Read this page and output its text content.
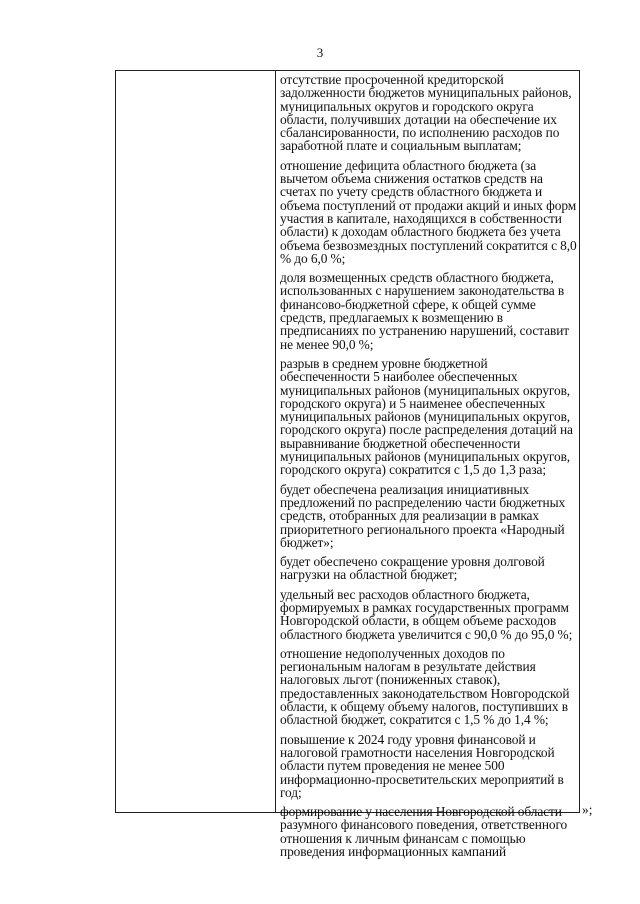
3

отсутствие просроченной кредиторской задолженности бюджетов муниципальных районов, муниципальных округов и городского округа области, получивших дотации на обеспечение их сбалансированности, по исполнению расходов по заработной плате и социальным выплатам;

отношение дефицита областного бюджета (за вычетом объема снижения остатков средств на счетах по учету средств областного бюджета и объема поступлений от продажи акций и иных форм участия в капитале, находящихся в собственности области) к доходам областного бюджета без учета объема безвозмездных поступлений сократится с 8,0 % до 6,0 %;

доля возмещенных средств областного бюджета, использованных с нарушением законодательства в финансово-бюджетной сфере, к общей сумме средств, предлагаемых к возмещению в предписаниях по устранению нарушений, составит не менее 90,0 %;

разрыв в среднем уровне бюджетной обеспеченности 5 наиболее обеспеченных муниципальных районов (муниципальных округов, городского округа) и 5 наименее обеспеченных муниципальных районов (муниципальных округов, городского округа) после распределения дотаций на выравнивание бюджетной обеспеченности муниципальных районов (муниципальных округов, городского округа) сократится с 1,5 до 1,3 раза;

будет обеспечена реализация инициативных предложений по распределению части бюджетных средств, отобранных для реализации в рамках приоритетного регионального проекта «Народный бюджет»;

будет обеспечено сокращение уровня долговой нагрузки на областной бюджет;

удельный вес расходов областного бюджета, формируемых в рамках государственных программ Новгородской области, в общем объеме расходов областного бюджета увеличится с 90,0 % до 95,0 %;

отношение недополученных доходов по региональным налогам в результате действия налоговых льгот (пониженных ставок), предоставленных законодательством Новгородской области, к общему объему налогов, поступивших в областной бюджет, сократится с 1,5 % до 1,4 %;

повышение к 2024 году уровня финансовой и налоговой грамотности населения Новгородской области путем проведения не менее 500 информационно-просветительских мероприятий в год;

формирование у населения Новгородской области разумного финансового поведения, ответственного отношения к личным финансам с помощью проведения информационных кампаний

»;
